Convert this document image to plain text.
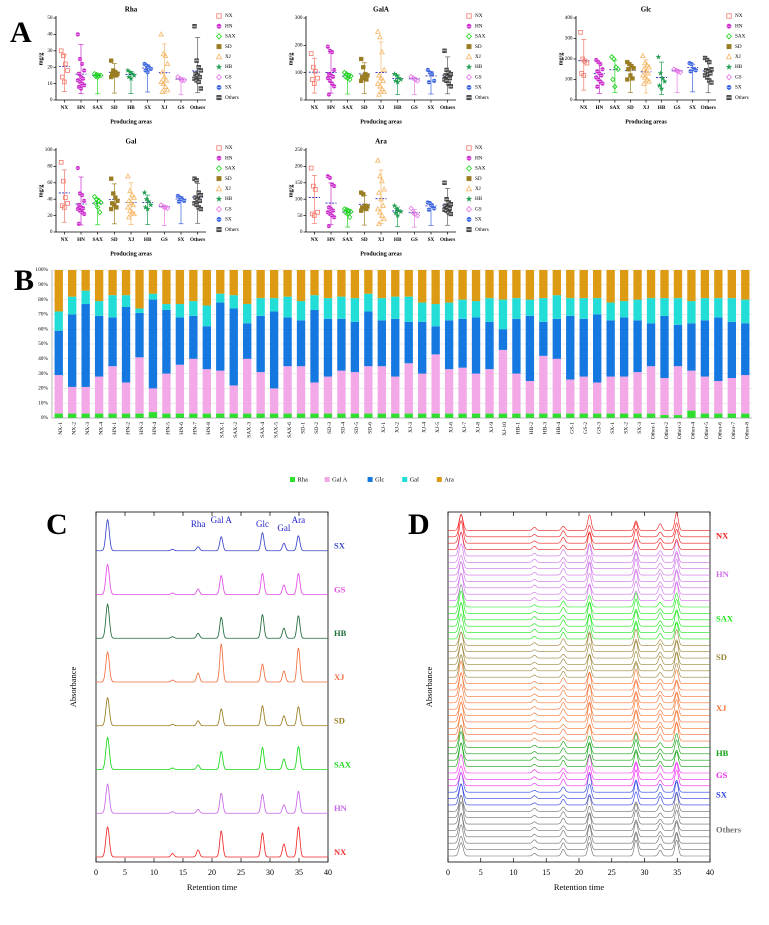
A
Rha
0
10
20
30
40
50
mg/g
Producing areas
NX HN SAX SD HB SX XJ GS Others
NX
HN
SAX
SD
XJ
HB
GS
SX
Others
GalA
0
100
200
300
mg/g
Producing areas
NX HN SAX SD XJ HB GS SX Others
NX
HN
SAX
SD
XJ
HB
GS
SX
Others
Glc
0
100
200
300
400
mg/g
Producing areas
NX HN SAX SD XJ HB GS SX Others
NX
HN
SAX
SD
XJ
HB
GS
SX
Others
Gal
0
20
40
60
80
100
mg/g
Producing areas
NX HN SAX SD XJ HB GS SX Others
NX
HN
SAX
SD
XJ
HB
GS
SX
Others
Ara
0
50
100
150
200
250
mg/g
Producing areas
NX HN SAX SD XJ HB GS SX Others
NX
HN
SAX
SD
XJ
HB
GS
SX
Others
B
0%
10%
20%
30%
40%
50%
60%
70%
80%
90%
100%
NX-1 NX-2 NX-3 NX-4 HN-1 HN-2 HN-3 HN-4 HN-5 HN-6 HN-7 HN-8 SAX-1 SAX-2 SAX-3 SAX-4 SAX-5 SAX-6 SD-1 SD-2 SD-3 SD-4 SD-5 SD-6 XJ-1 XJ-2 XJ-3 XJ-4 XJ-5 XJ-6 XJ-7 XJ-8 XJ-9 XJ-10 HB-1 HB-2 HB-3 HB-4 GS-1 GS-2 GS-3 SX-1 SX-2 SX-3 Other-1 Other-2 Other-3 Other-4 Other-5 Other-6 Other-7 Other-8
Rha	Gal A	Glc	Gal	Ara
C
0	5	10	15	20	25	30	35	40
Retention time
Absorbance
SX
GS
HB
XJ
SD
SAX
HN
NX
Rha Gal A	Glc Gal
Ara	D
0	5	10	15	20	25	30	35	40
Retention time
Absorbance
Others
SX
GS
HB
XJ
SD
SAX
HN
NX
